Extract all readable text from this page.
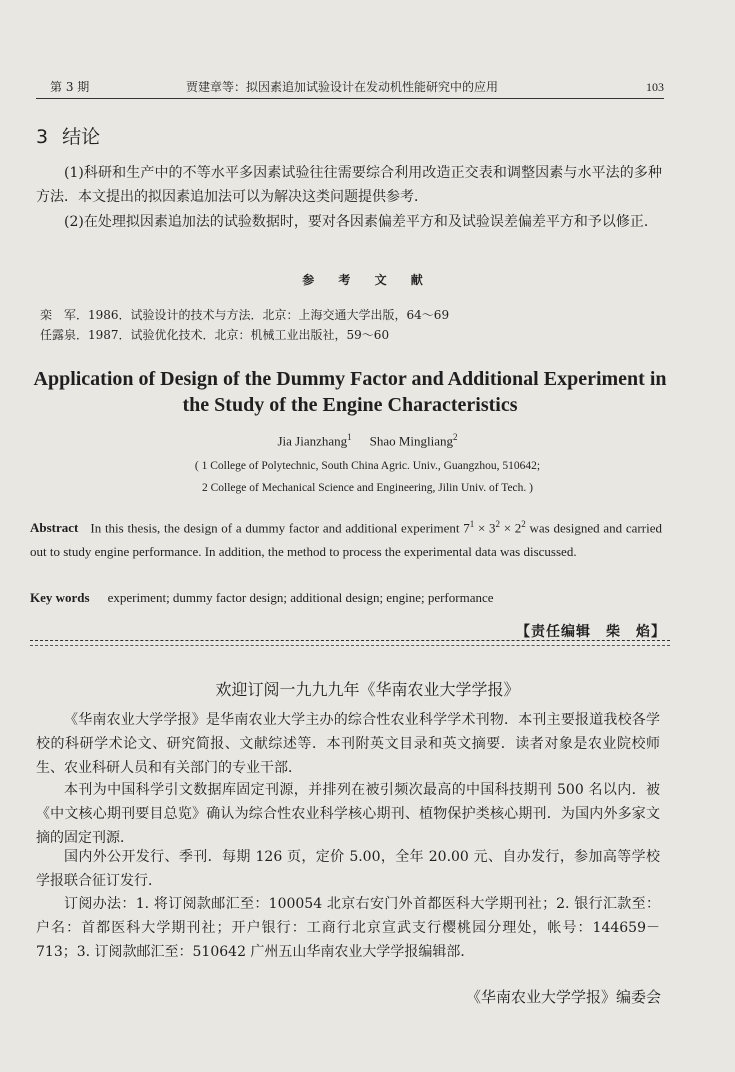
第 3 期	贾建章等：拟因素追加试验设计在发动机性能研究中的应用	103
3 结论
(1)科研和生产中的不等水平多因素试验往往需要综合利用改造正交表和调整因素与水平法的多种方法．本文提出的拟因素追加法可以为解决这类问题提供参考．
(2)在处理拟因素追加法的试验数据时，要对各因素偏差平方和及试验误差偏差平方和予以修正．
参 考 文 献
栾　军．1986．试验设计的技术与方法．北京：上海交通大学出版，64～69
任露泉．1987．试验优化技术．北京：机械工业出版社，59～60
Application of Design of the Dummy Factor and Additional Experiment in the Study of the Engine Characteristics
Jia Jianzhang$^1$ Shao Mingliang$^2$
( 1 College of Polytechnic, South China Agric. Univ., Guangzhou, 510642;
2 College of Mechanical Science and Engineering, Jilin Univ. of Tech. )
Abstract In this thesis, the design of a dummy factor and additional experiment $7^1 \times 3^2 \times 2^2$ was designed and carried out to study engine performance. In addition, the method to process the experimental data was discussed.
Key words experiment; dummy factor design; additional design; engine; performance
【责任编辑　柴　焰】
欢迎订阅一九九九年《华南农业大学学报》
《华南农业大学学报》是华南农业大学主办的综合性农业科学学术刊物．本刊主要报道我校各学校的科研学术论文、研究简报、文献综述等．本刊附英文目录和英文摘要．读者对象是农业院校师生、农业科研人员和有关部门的专业干部．
本刊为中国科学引文数据库固定刊源，并排列在被引频次最高的中国科技期刊 500 名以内．被《中文核心期刊要目总览》确认为综合性农业科学核心期刊、植物保护类核心期刊．为国内外多家文摘的固定刊源．
国内外公开发行、季刊．每期 126 页，定价 5.00，全年 20.00 元、自办发行，参加高等学校学报联合征订发行．
订阅办法：1. 将订阅款邮汇至：100054 北京右安门外首都医科大学期刊社；2. 银行汇款至：户名：首都医科大学期刊社；开户银行：工商行北京宣武支行樱桃园分理处，帐号：144659－713；3. 订阅款邮汇至：510642 广州五山华南农业大学学报编辑部．
《华南农业大学学报》编委会
